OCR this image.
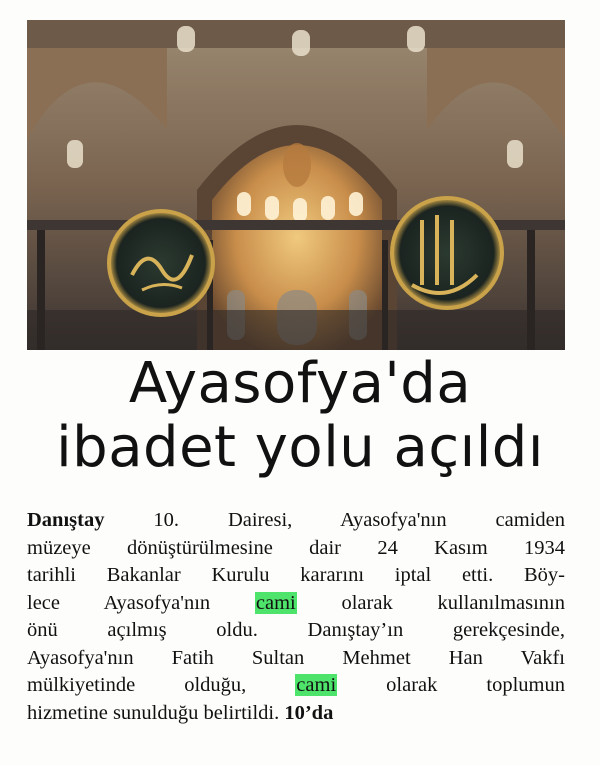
Ayasofya'da
ibadet yolu açıldı
Danıştay 10. Dairesi, Ayasofya'nın camiden
müzeye dönüştürülmesine dair 24 Kasım 1934
tarihli Bakanlar Kurulu kararını iptal etti. Böy-
lece Ayasofya'nın cami olarak kullanılmasının
önü açılmış oldu. Danıştay’ın gerekçesinde,
Ayasofya'nın Fatih Sultan Mehmet Han Vakfı
mülkiyetinde olduğu, cami olarak toplumun
hizmetine sunulduğu belirtildi. 10’da
